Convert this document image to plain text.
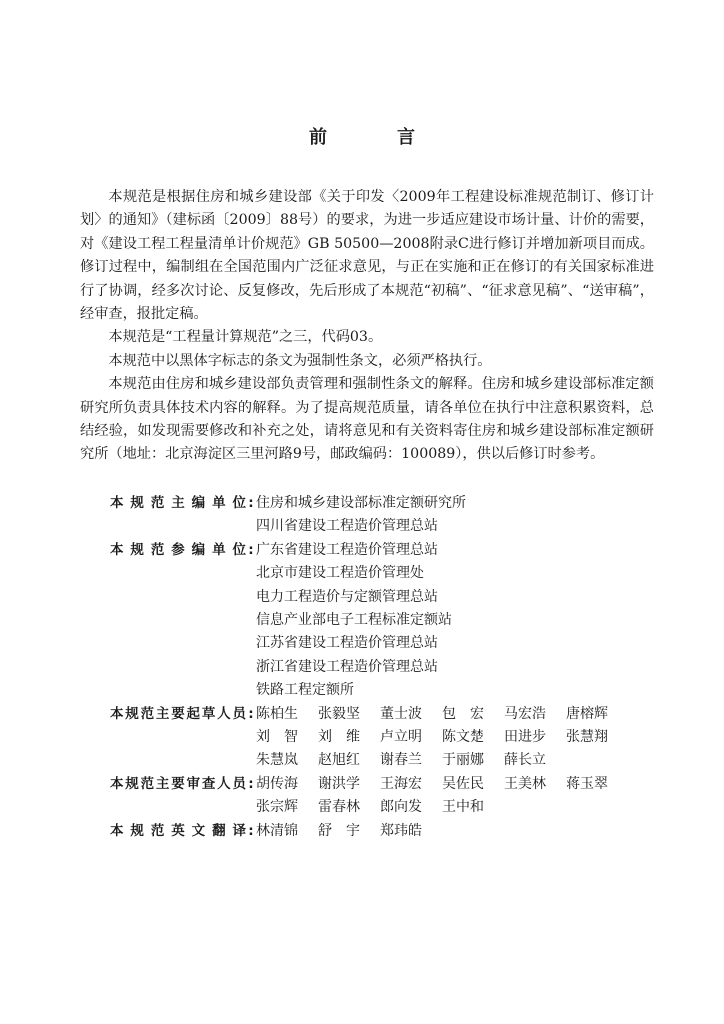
前　言

本规范是根据住房和城乡建设部《关于印发〈2009年工程建设标准规范制订、修订计划〉的通知》（建标函〔2009〕88号）的要求，为进一步适应建设市场计量、计价的需要，对《建设工程工程量清单计价规范》GB 50500—2008附录C进行修订并增加新项目而成。修订过程中，编制组在全国范围内广泛征求意见，与正在实施和正在修订的有关国家标准进行了协调，经多次讨论、反复修改，先后形成了本规范“初稿”、“征求意见稿”、“送审稿”，经审查，报批定稿。

本规范是“工程量计算规范”之三，代码03。

本规范中以黑体字标志的条文为强制性条文，必须严格执行。

本规范由住房和城乡建设部负责管理和强制性条文的解释。住房和城乡建设部标准定额研究所负责具体技术内容的解释。为了提高规范质量，请各单位在执行中注意积累资料，总结经验，如发现需要修改和补充之处，请将意见和有关资料寄住房和城乡建设部标准定额研究所（地址：北京海淀区三里河路9号，邮政编码：100089），供以后修订时参考。

本规范主编单位 : 住房和城乡建设部标准定额研究所
四川省建设工程造价管理总站
本规范参编单位 : 广东省建设工程造价管理总站
北京市建设工程造价管理处
电力工程造价与定额管理总站
信息产业部电子工程标准定额站
江苏省建设工程造价管理总站
浙江省建设工程造价管理总站
铁路工程定额所
本规范主要起草人员 : 陈柏生	张毅坚	董士波	包　宏	马宏浩	唐榕辉
刘　智	刘　维	卢立明	陈文楚	田进步	张慧翔
朱慧岚	赵旭红	谢春兰	于丽娜	薛长立
本规范主要审查人员 : 胡传海	谢洪学	王海宏	吴佐民	王美林	蒋玉翠
张宗辉	雷春林	郎向发	王中和
本规范英文翻译 : 林清锦	舒　宇	郑玮皓
